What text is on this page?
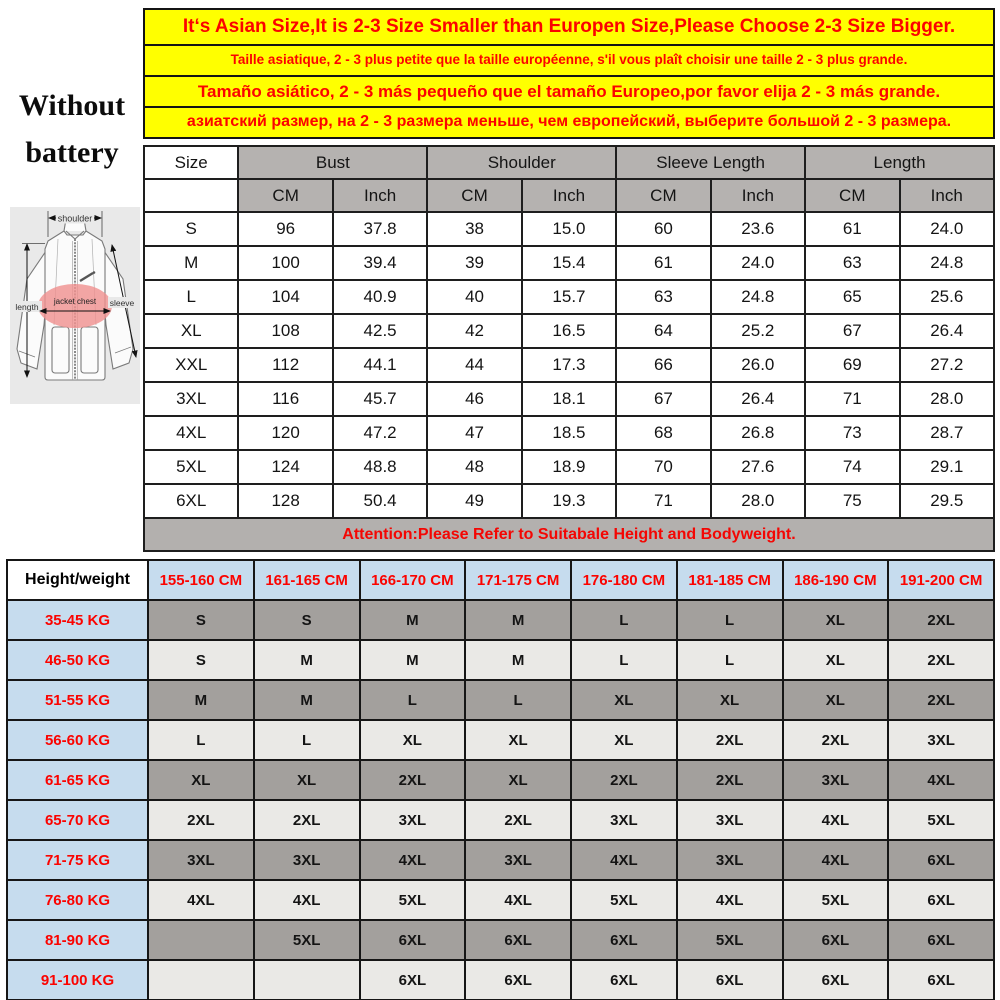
It‘s Asian Size,It is 2-3 Size Smaller than Europen Size,Please Choose 2-3 Size Bigger.
Taille asiatique, 2 - 3 plus petite que la taille européenne, s'il vous plaît choisir une taille 2 - 3 plus grande.
Tamaño asiático, 2 - 3 más pequeño que el tamaño Europeo,por favor elija 2 - 3 más grande.
азиатский размер, на 2 - 3 размера меньше, чем европейский, выберите большой 2 - 3 размера.
Without
battery
shoulder
length
jacket chest sleeve
Size	Bust		Shoulder		Sleeve Length		Length	
	CM	Inch	CM	Inch	CM	Inch	CM	Inch
S	96	37.8	38	15.0	60	23.6	61	24.0
M	100	39.4	39	15.4	61	24.0	63	24.8
L	104	40.9	40	15.7	63	24.8	65	25.6
XL	108	42.5	42	16.5	64	25.2	67	26.4
XXL	112	44.1	44	17.3	66	26.0	69	27.2
3XL	116	45.7	46	18.1	67	26.4	71	28.0
4XL	120	47.2	47	18.5	68	26.8	73	28.7
5XL	124	48.8	48	18.9	70	27.6	74	29.1
6XL	128	50.4	49	19.3	71	28.0	75	29.5
Attention:Please Refer to Suitabale Height and Bodyweight.								
Height/weight	155-160 CM	161-165 CM	166-170 CM	171-175 CM	176-180 CM	181-185 CM	186-190 CM	191-200 CM
35-45 KG	S	S	M	M	L	L	XL	2XL
46-50 KG	S	M	M	M	L	L	XL	2XL
51-55 KG	M	M	L	L	XL	XL	XL	2XL
56-60 KG	L	L	XL	XL	XL	2XL	2XL	3XL
61-65 KG	XL	XL	2XL	XL	2XL	2XL	3XL	4XL
65-70 KG	2XL	2XL	3XL	2XL	3XL	3XL	4XL	5XL
71-75 KG	3XL	3XL	4XL	3XL	4XL	3XL	4XL	6XL
76-80 KG	4XL	4XL	5XL	4XL	5XL	4XL	5XL	6XL
81-90 KG		5XL	6XL	6XL	6XL	5XL	6XL	6XL
91-100 KG			6XL	6XL	6XL	6XL	6XL	6XL
